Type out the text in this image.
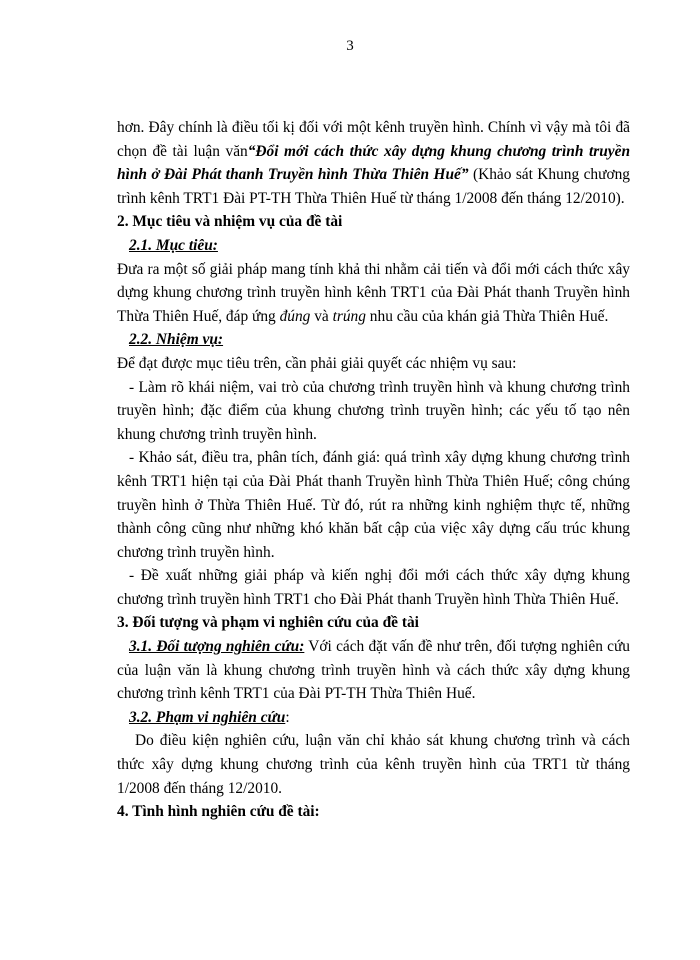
3

hơn. Đây chính là điều tối kị đối với một kênh truyền hình. Chính vì vậy mà tôi đã chọn đề tài luận văn“Đổi mới cách thức xây dựng khung chương trình truyền hình ở Đài Phát thanh Truyền hình Thừa Thiên Huế” (Khảo sát Khung chương trình kênh TRT1 Đài PT-TH Thừa Thiên Huế từ tháng 1/2008 đến tháng 12/2010).

2. Mục tiêu và nhiệm vụ của đề tài

2.1. Mục tiêu:

Đưa ra một số giải pháp mang tính khả thi nhằm cải tiến và đổi mới cách thức xây dựng khung chương trình truyền hình kênh TRT1 của Đài Phát thanh Truyền hình Thừa Thiên Huế, đáp ứng đúng và trúng nhu cầu của khán giả Thừa Thiên Huế.

2.2. Nhiệm vụ:

Để đạt được mục tiêu trên, cần phải giải quyết các nhiệm vụ sau:

- Làm rõ khái niệm, vai trò của chương trình truyền hình và khung chương trình truyền hình; đặc điểm của khung chương trình truyền hình; các yếu tố tạo nên khung chương trình truyền hình.

- Khảo sát, điều tra, phân tích, đánh giá: quá trình xây dựng khung chương trình kênh TRT1 hiện tại của Đài Phát thanh Truyền hình Thừa Thiên Huế; công chúng truyền hình ở Thừa Thiên Huế. Từ đó, rút ra những kinh nghiệm thực tế, những thành công cũng như những khó khăn bất cập của việc xây dựng cấu trúc khung chương trình truyền hình.

- Đề xuất những giải pháp và kiến nghị đổi mới cách thức xây dựng khung chương trình truyền hình TRT1 cho Đài Phát thanh Truyền hình Thừa Thiên Huế.

3. Đối tượng và phạm vi nghiên cứu của đề tài

3.1. Đối tượng nghiên cứu: Với cách đặt vấn đề như trên, đối tượng nghiên cứu của luận văn là khung chương trình truyền hình và cách thức xây dựng khung chương trình kênh TRT1 của Đài PT-TH Thừa Thiên Huế.

3.2. Phạm vi nghiên cứu:

Do điều kiện nghiên cứu, luận văn chỉ khảo sát khung chương trình và cách thức xây dựng khung chương trình của kênh truyền hình của TRT1 từ tháng 1/2008 đến tháng 12/2010.

4. Tình hình nghiên cứu đề tài:
